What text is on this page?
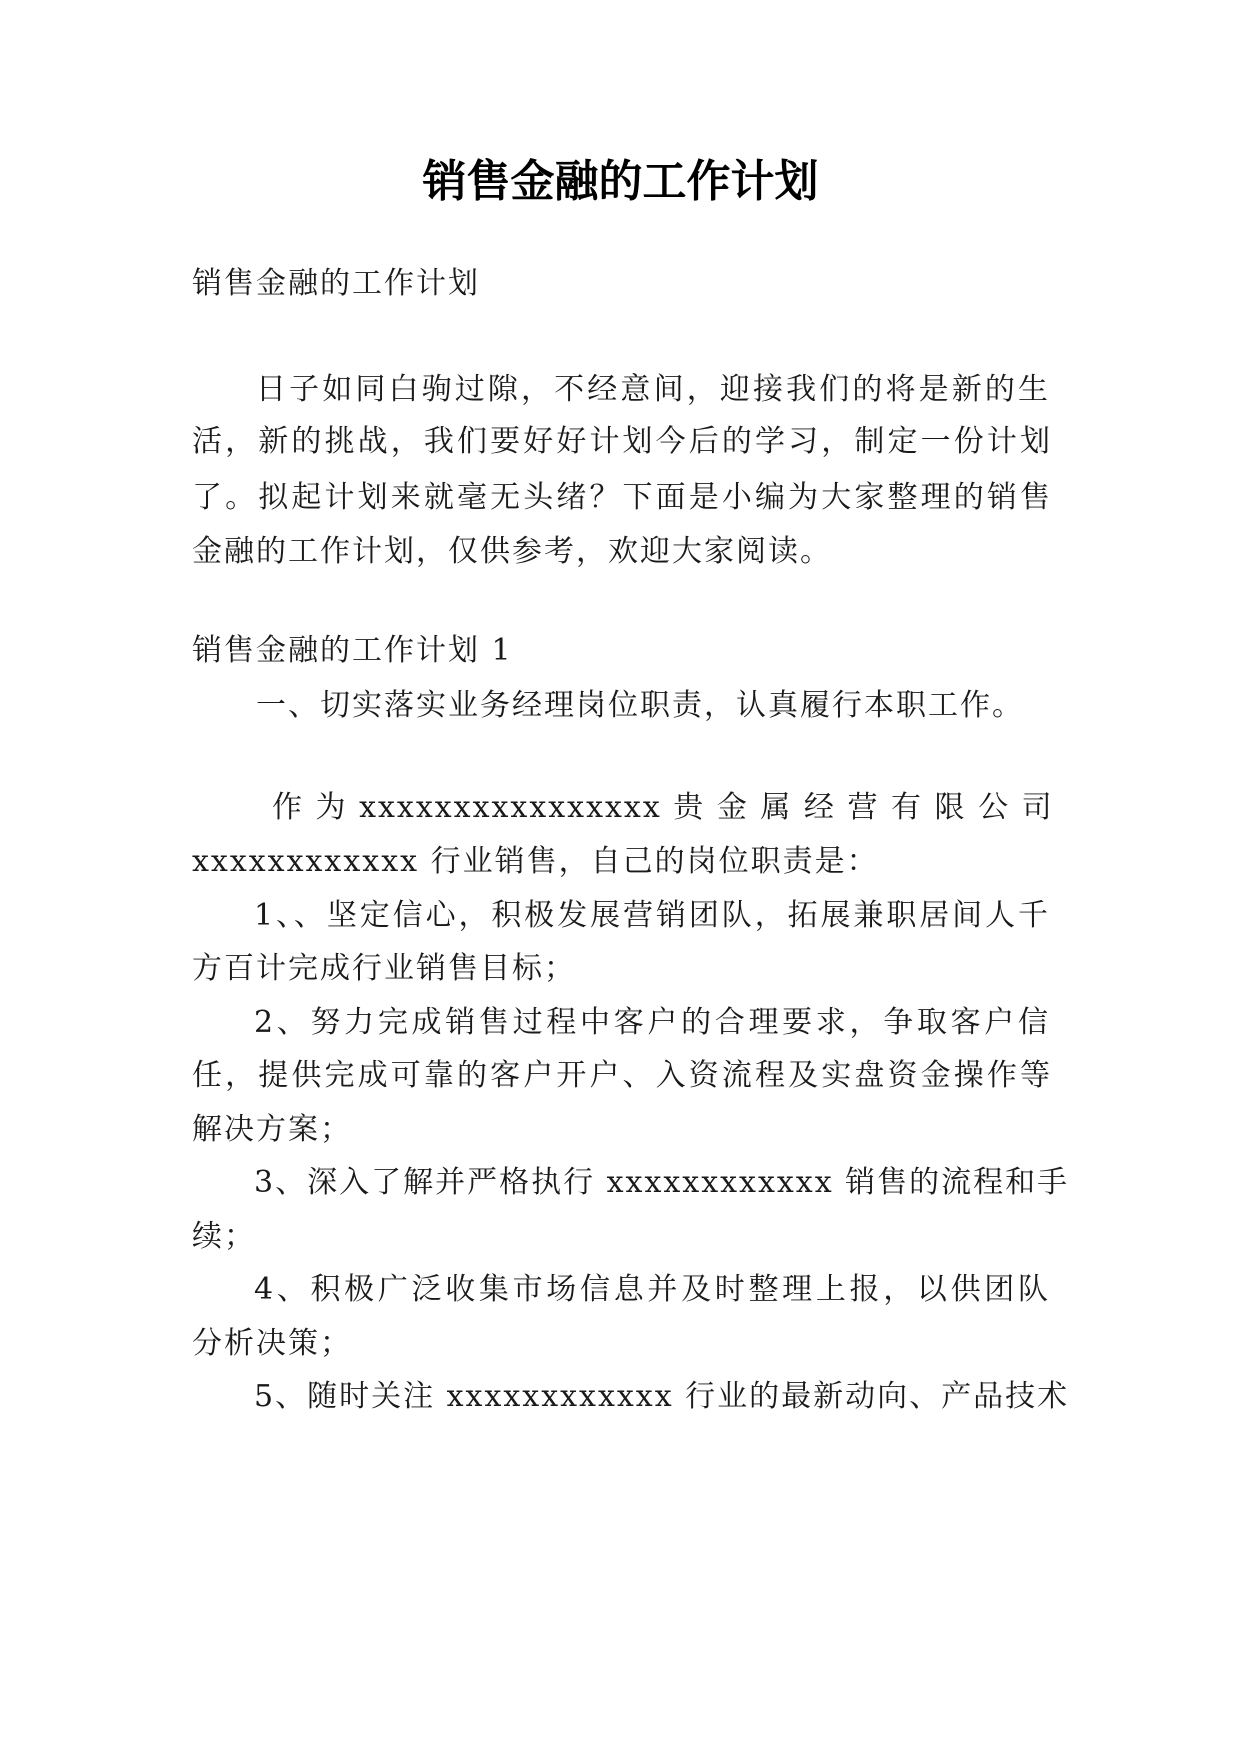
销售金融的工作计划
销售金融的工作计划
日子如同白驹过隙，不经意间，迎接我们的将是新的生
活，新的挑战，我们要好好计划今后的学习，制定一份计划
了。拟起计划来就毫无头绪？下面是小编为大家整理的销售
金融的工作计划，仅供参考，欢迎大家阅读。
销售金融的工作计划 1
一、切实落实业务经理岗位职责，认真履行本职工作。
作 为 xxxxxxxxxxxxxxxx 贵 金 属 经 营 有 限 公 司
xxxxxxxxxxxx 行业销售，自己的岗位职责是：
1、、坚定信心，积极发展营销团队，拓展兼职居间人千
方百计完成行业销售目标；
2、努力完成销售过程中客户的合理要求，争取客户信
任，提供完成可靠的客户开户、入资流程及实盘资金操作等
解决方案；
3、深入了解并严格执行 xxxxxxxxxxxx 销售的流程和手
续；
4、积极广泛收集市场信息并及时整理上报，以供团队
分析决策；
5、随时关注 xxxxxxxxxxxx 行业的最新动向、产品技术
